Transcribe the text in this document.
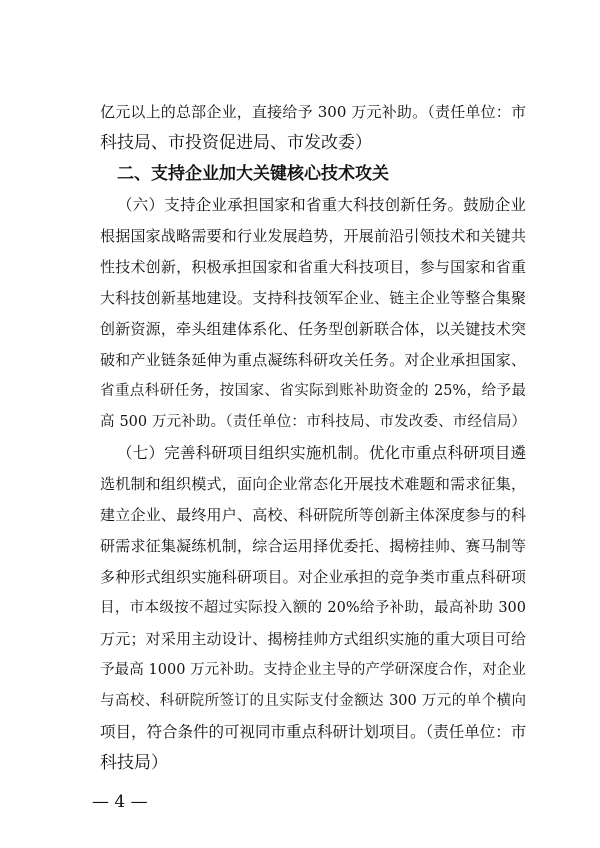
亿元以上的总部企业，直接给予 300 万元补助。（责任单位：市
科技局、市投资促进局、市发改委）
二、支持企业加大关键核心技术攻关
（六）支持企业承担国家和省重大科技创新任务。鼓励企业
根据国家战略需要和行业发展趋势，开展前沿引领技术和关键共
性技术创新，积极承担国家和省重大科技项目，参与国家和省重
大科技创新基地建设。支持科技领军企业、链主企业等整合集聚
创新资源，牵头组建体系化、任务型创新联合体，以关键技术突
破和产业链条延伸为重点凝练科研攻关任务。对企业承担国家、
省重点科研任务，按国家、省实际到账补助资金的 25%，给予最
高 500 万元补助。（责任单位：市科技局、市发改委、市经信局）
（七）完善科研项目组织实施机制。优化市重点科研项目遴
选机制和组织模式，面向企业常态化开展技术难题和需求征集，
建立企业、最终用户、高校、科研院所等创新主体深度参与的科
研需求征集凝练机制，综合运用择优委托、揭榜挂帅、赛马制等
多种形式组织实施科研项目。对企业承担的竞争类市重点科研项
目，市本级按不超过实际投入额的 20%给予补助，最高补助 300
万元；对采用主动设计、揭榜挂帅方式组织实施的重大项目可给
予最高 1000 万元补助。支持企业主导的产学研深度合作，对企业
与高校、科研院所签订的且实际支付金额达 300 万元的单个横向
项目，符合条件的可视同市重点科研计划项目。（责任单位：市
科技局）
— 4 —
